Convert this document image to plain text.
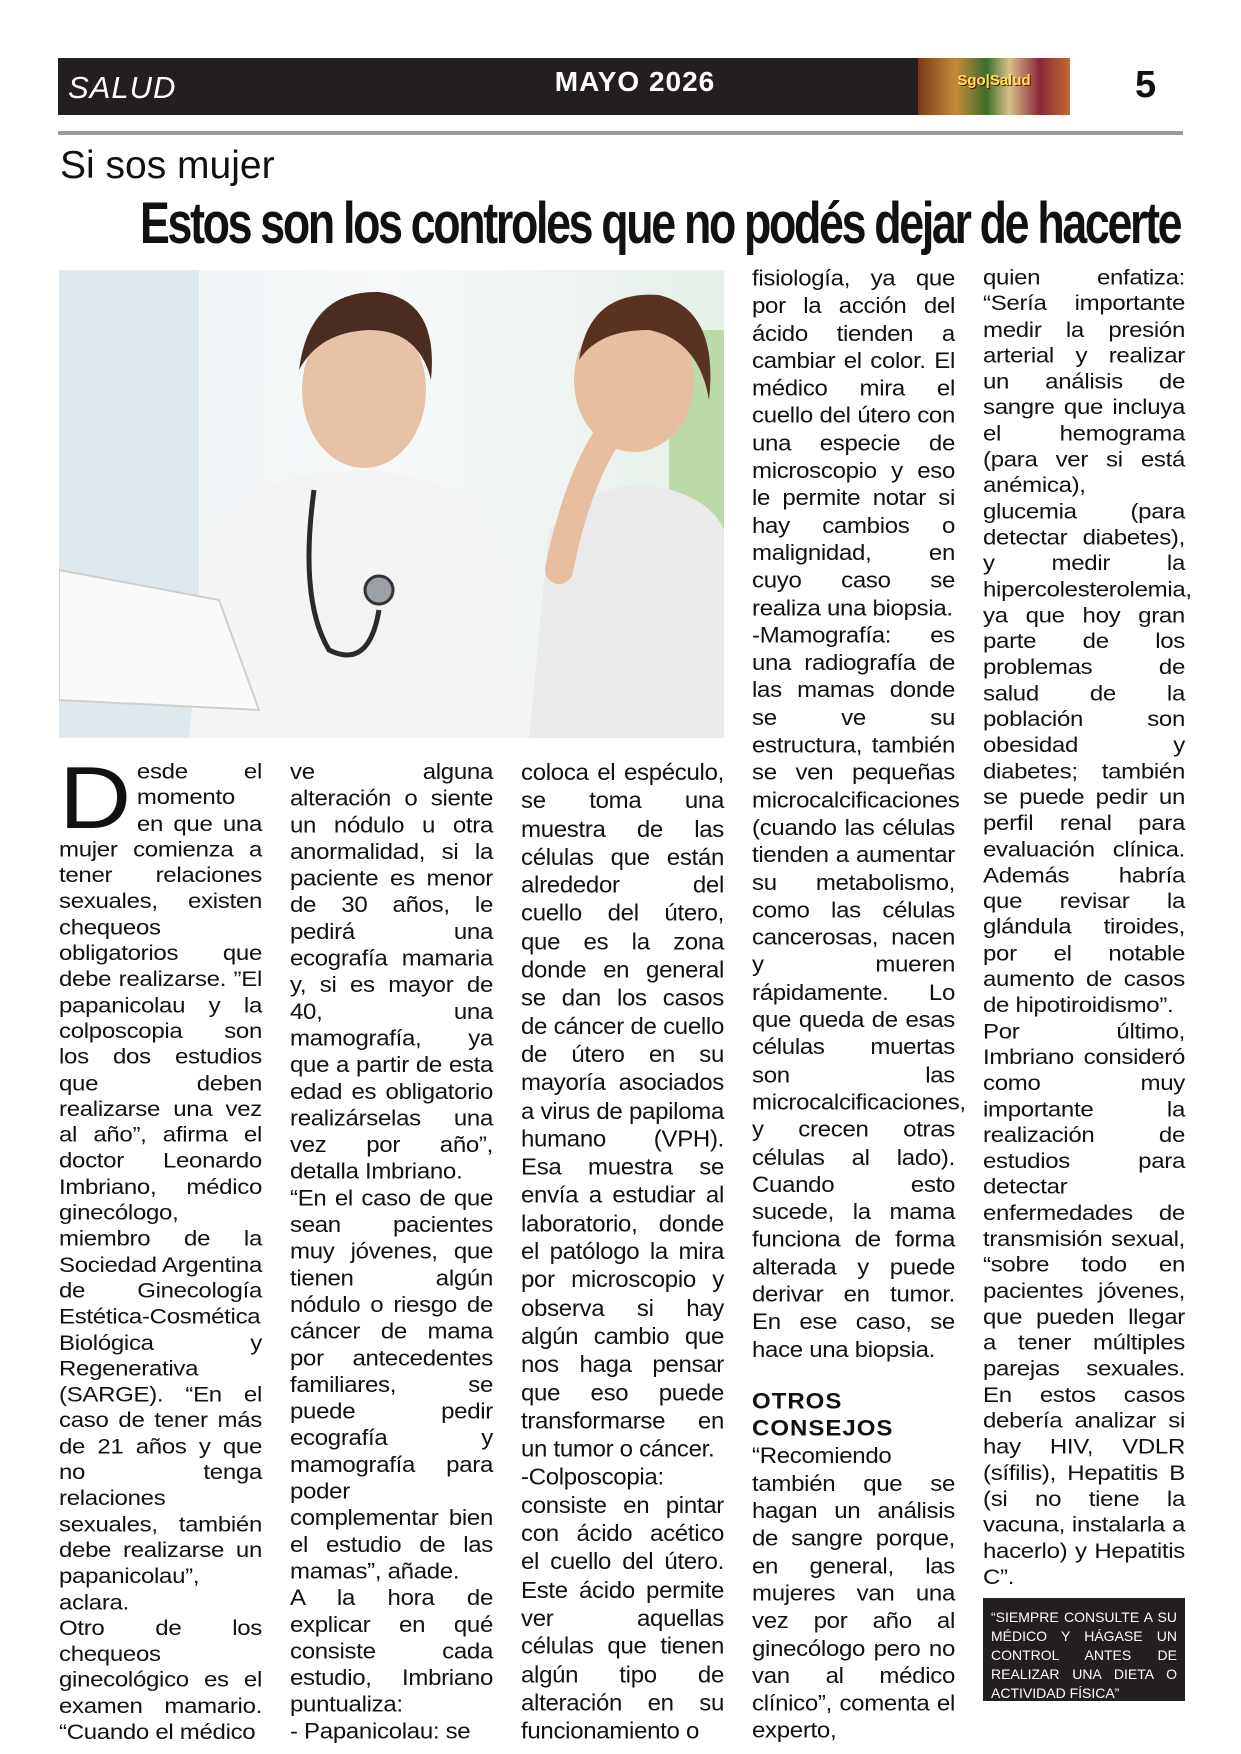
SALUD	MAYO 2026	Sgo|Salud	5
Si sos mujer
Estos son los controles que no podés dejar de hacerte

Desde el momento en que una mujer comienza a tener relaciones sexuales, existen chequeos obligatorios que debe realizarse. ”El papanicolau y la colposcopia son los dos estudios que deben realizarse una vez al año”, afirma el doctor Leonardo Imbriano, médico ginecólogo, miembro de la Sociedad Argentina de Ginecología Estética-Cosmética Biológica y Regenerativa (SARGE). “En el caso de tener más de 21 años y que no tenga relaciones sexuales, también debe realizarse un papanicolau”, aclara.

Otro de los chequeos ginecológico es el examen mamario. “Cuando el médico

ve alguna alteración o siente un nódulo u otra anormalidad, si la paciente es menor de 30 años, le pedirá una ecografía mamaria y, si es mayor de 40, una mamografía, ya que a partir de esta edad es obligatorio realizárselas una vez por año”, detalla Imbriano.

“En el caso de que sean pacientes muy jóvenes, que tienen algún nódulo o riesgo de cáncer de mama por antecedentes familiares, se puede pedir ecografía y mamografía para poder complementar bien el estudio de las mamas”, añade.

A la hora de explicar en qué consiste cada estudio, Imbriano puntualiza:

- Papanicolau: se

coloca el espéculo, se toma una muestra de las células que están alrededor del cuello del útero, que es la zona donde en general se dan los casos de cáncer de cuello de útero en su mayoría asociados a virus de papiloma humano (VPH). Esa muestra se envía a estudiar al laboratorio, donde el patólogo la mira por microscopio y observa si hay algún cambio que nos haga pensar que eso puede transformarse en un tumor o cáncer.

-Colposcopia: consiste en pintar con ácido acético el cuello del útero. Este ácido permite ver aquellas células que tienen algún tipo de alteración en su funcionamiento o

fisiología, ya que por la acción del ácido tienden a cambiar el color. El médico mira el cuello del útero con una especie de microscopio y eso le permite notar si hay cambios o malignidad, en cuyo caso se realiza una biopsia.

-Mamografía: es una radiografía de las mamas donde se ve su estructura, también se ven pequeñas microcalcificaciones (cuando las células tienden a aumentar su metabolismo, como las células cancerosas, nacen y mueren rápidamente. Lo que queda de esas células muertas son las microcalcificaciones, y crecen otras células al lado). Cuando esto sucede, la mama funciona de forma alterada y puede derivar en tumor. En ese caso, se hace una biopsia.

OTROS CONSEJOS

“Recomiendo también que se hagan un análisis de sangre porque, en general, las mujeres van una vez por año al ginecólogo pero no van al médico clínico”, comenta el experto,

quien enfatiza: “Sería importante medir la presión arterial y realizar un análisis de sangre que incluya el hemograma (para ver si está anémica), glucemia (para detectar diabetes), y medir la hipercolesterolemia, ya que hoy gran parte de los problemas de salud de la población son obesidad y diabetes; también se puede pedir un perfil renal para evaluación clínica. Además habría que revisar la glándula tiroides, por el notable aumento de casos de hipotiroidismo”.

Por último, Imbriano consideró como muy importante la realización de estudios para detectar enfermedades de transmisión sexual, “sobre todo en pacientes jóvenes, que pueden llegar a tener múltiples parejas sexuales. En estos casos debería analizar si hay HIV, VDLR (sífilis), Hepatitis B (si no tiene la vacuna, instalarla a hacerlo) y Hepatitis C”.

“SIEMPRE CONSULTE A SU MÉDICO Y HÁGASE UN CONTROL ANTES DE REALIZAR UNA DIETA O ACTIVIDAD FÍSICA”
